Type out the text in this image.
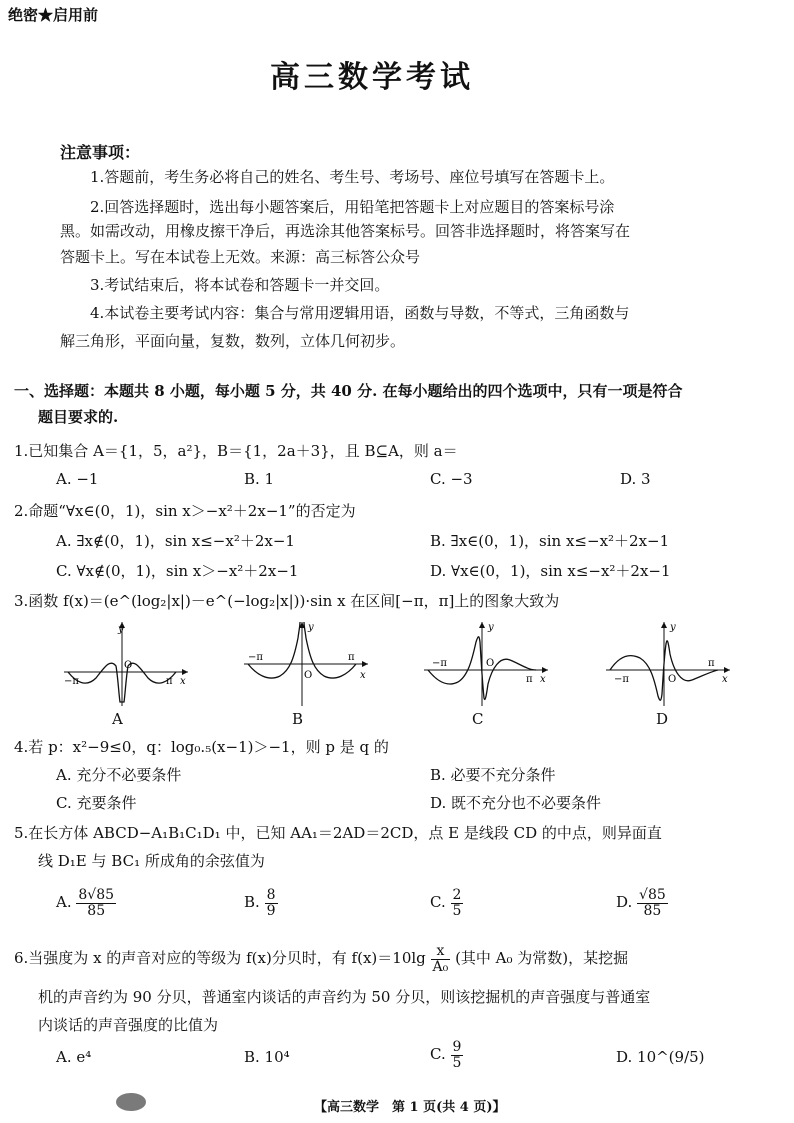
绝密★启用前
高三数学考试
注意事项：
1.答题前，考生务必将自己的姓名、考生号、考场号、座位号填写在答题卡上。
2.回答选择题时，选出每小题答案后，用铅笔把答题卡上对应题目的答案标号涂
黑。如需改动，用橡皮擦干净后，再选涂其他答案标号。回答非选择题时，将答案写在
答题卡上。写在本试卷上无效。来源：高三标答公众号
3.考试结束后，将本试卷和答题卡一并交回。
4.本试卷主要考试内容：集合与常用逻辑用语，函数与导数，不等式，三角函数与
解三角形，平面向量，复数，数列，立体几何初步。
一、选择题：本题共 8 小题，每小题 5 分，共 40 分. 在每小题给出的四个选项中，只有一项是符合
题目要求的.
1.已知集合 A＝{1，5，a²}，B＝{1，2a＋3}，且 B⊆A，则 a＝
A. −1	B. 1	C. −3	D. 3
2.命题“∀x∈(0，1)，sin x＞−x²＋2x−1”的否定为
A. ∃x∉(0，1)，sin x≤−x²＋2x−1	B. ∃x∈(0，1)，sin x≤−x²＋2x−1
C. ∀x∉(0，1)，sin x＞−x²＋2x−1	D. ∀x∈(0，1)，sin x≤−x²＋2x−1
3.函数 f(x)＝(e^(log₂|x|)－e^(−log₂|x|))·sin x 在区间[−π，π]上的图象大致为
y
x
O
−π	π
A
y
x
O
−π	π
B
y
x
O
−π
π
C
y
x
O
−π
π
D
4.若 p：x²−9≤0，q：log₀.₅(x−1)＞−1，则 p 是 q 的
A. 充分不必要条件	B. 必要不充分条件
C. 充要条件	D. 既不充分也不必要条件
5.在长方体 ABCD−A₁B₁C₁D₁ 中，已知 AA₁＝2AD＝2CD，点 E 是线段 CD 的中点，则异面直
线 D₁E 与 BC₁ 所成角的余弦值为
A. $\frac{8√85}{85}$	B. $\frac{8}{9}$	C. $\frac{2}{5}$	D. $\frac{√85}{85}$
6.当强度为 x 的声音对应的等级为 f(x)分贝时，有 $f(x)=10\lg \frac{x}{\text{A₀}}$ (其中 A₀ 为常数)，某挖掘
机的声音约为 90 分贝，普通室内谈话的声音约为 50 分贝，则该挖掘机的声音强度与普通室
内谈话的声音强度的比值为
A. e⁴	B. 10⁴	C. $\frac{9}{5}$	D. 10^(9/5)
【高三数学　第 1 页(共 4 页)】
